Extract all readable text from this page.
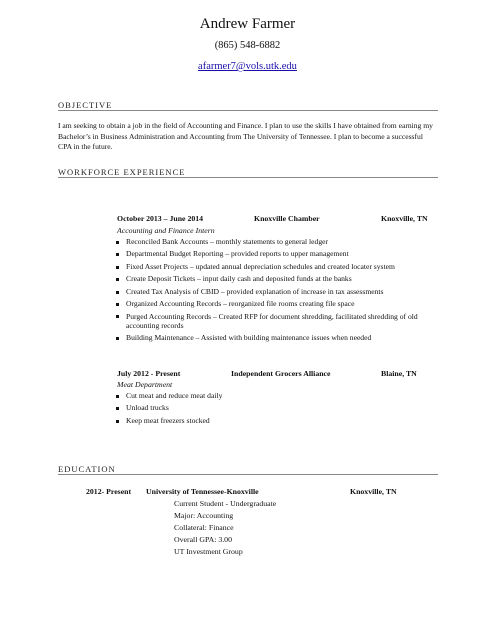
Andrew Farmer
(865) 548-6882
afarmer7@vols.utk.edu
OBJECTIVE
I am seeking to obtain a job in the field of Accounting and Finance. I plan to use the skills I have obtained from earning my Bachelor’s in Business Administration and Accounting from The University of Tennessee. I plan to become a successful CPA in the future.
WORKFORCE EXPERIENCE
October 2013 – June 2014	Knoxville Chamber	Knoxville, TN
Accounting and Finance Intern
Reconciled Bank Accounts – monthly statements to general ledger
Departmental Budget Reporting – provided reports to upper management
Fixed Asset Projects – updated annual depreciation schedules and created locater system
Create Deposit Tickets – input daily cash and deposited funds at the banks
Created Tax Analysis of CBID – provided explanation of increase in tax assessments
Organized Accounting Records – reorganized file rooms creating file space
Purged Accounting Records – Created RFP for document shredding, facilitated shredding of old accounting records
Building Maintenance – Assisted with building maintenance issues when needed
July 2012 - Present	Independent Grocers Alliance	Blaine, TN
Meat Department
Cut meat and reduce meat daily
Unload trucks
Keep meat freezers stocked
EDUCATION
2012- Present University of Tennessee-Knoxville	Knoxville, TN
Current Student - Undergraduate
Major: Accounting
Collateral: Finance
Overall GPA: 3.00
UT Investment Group
